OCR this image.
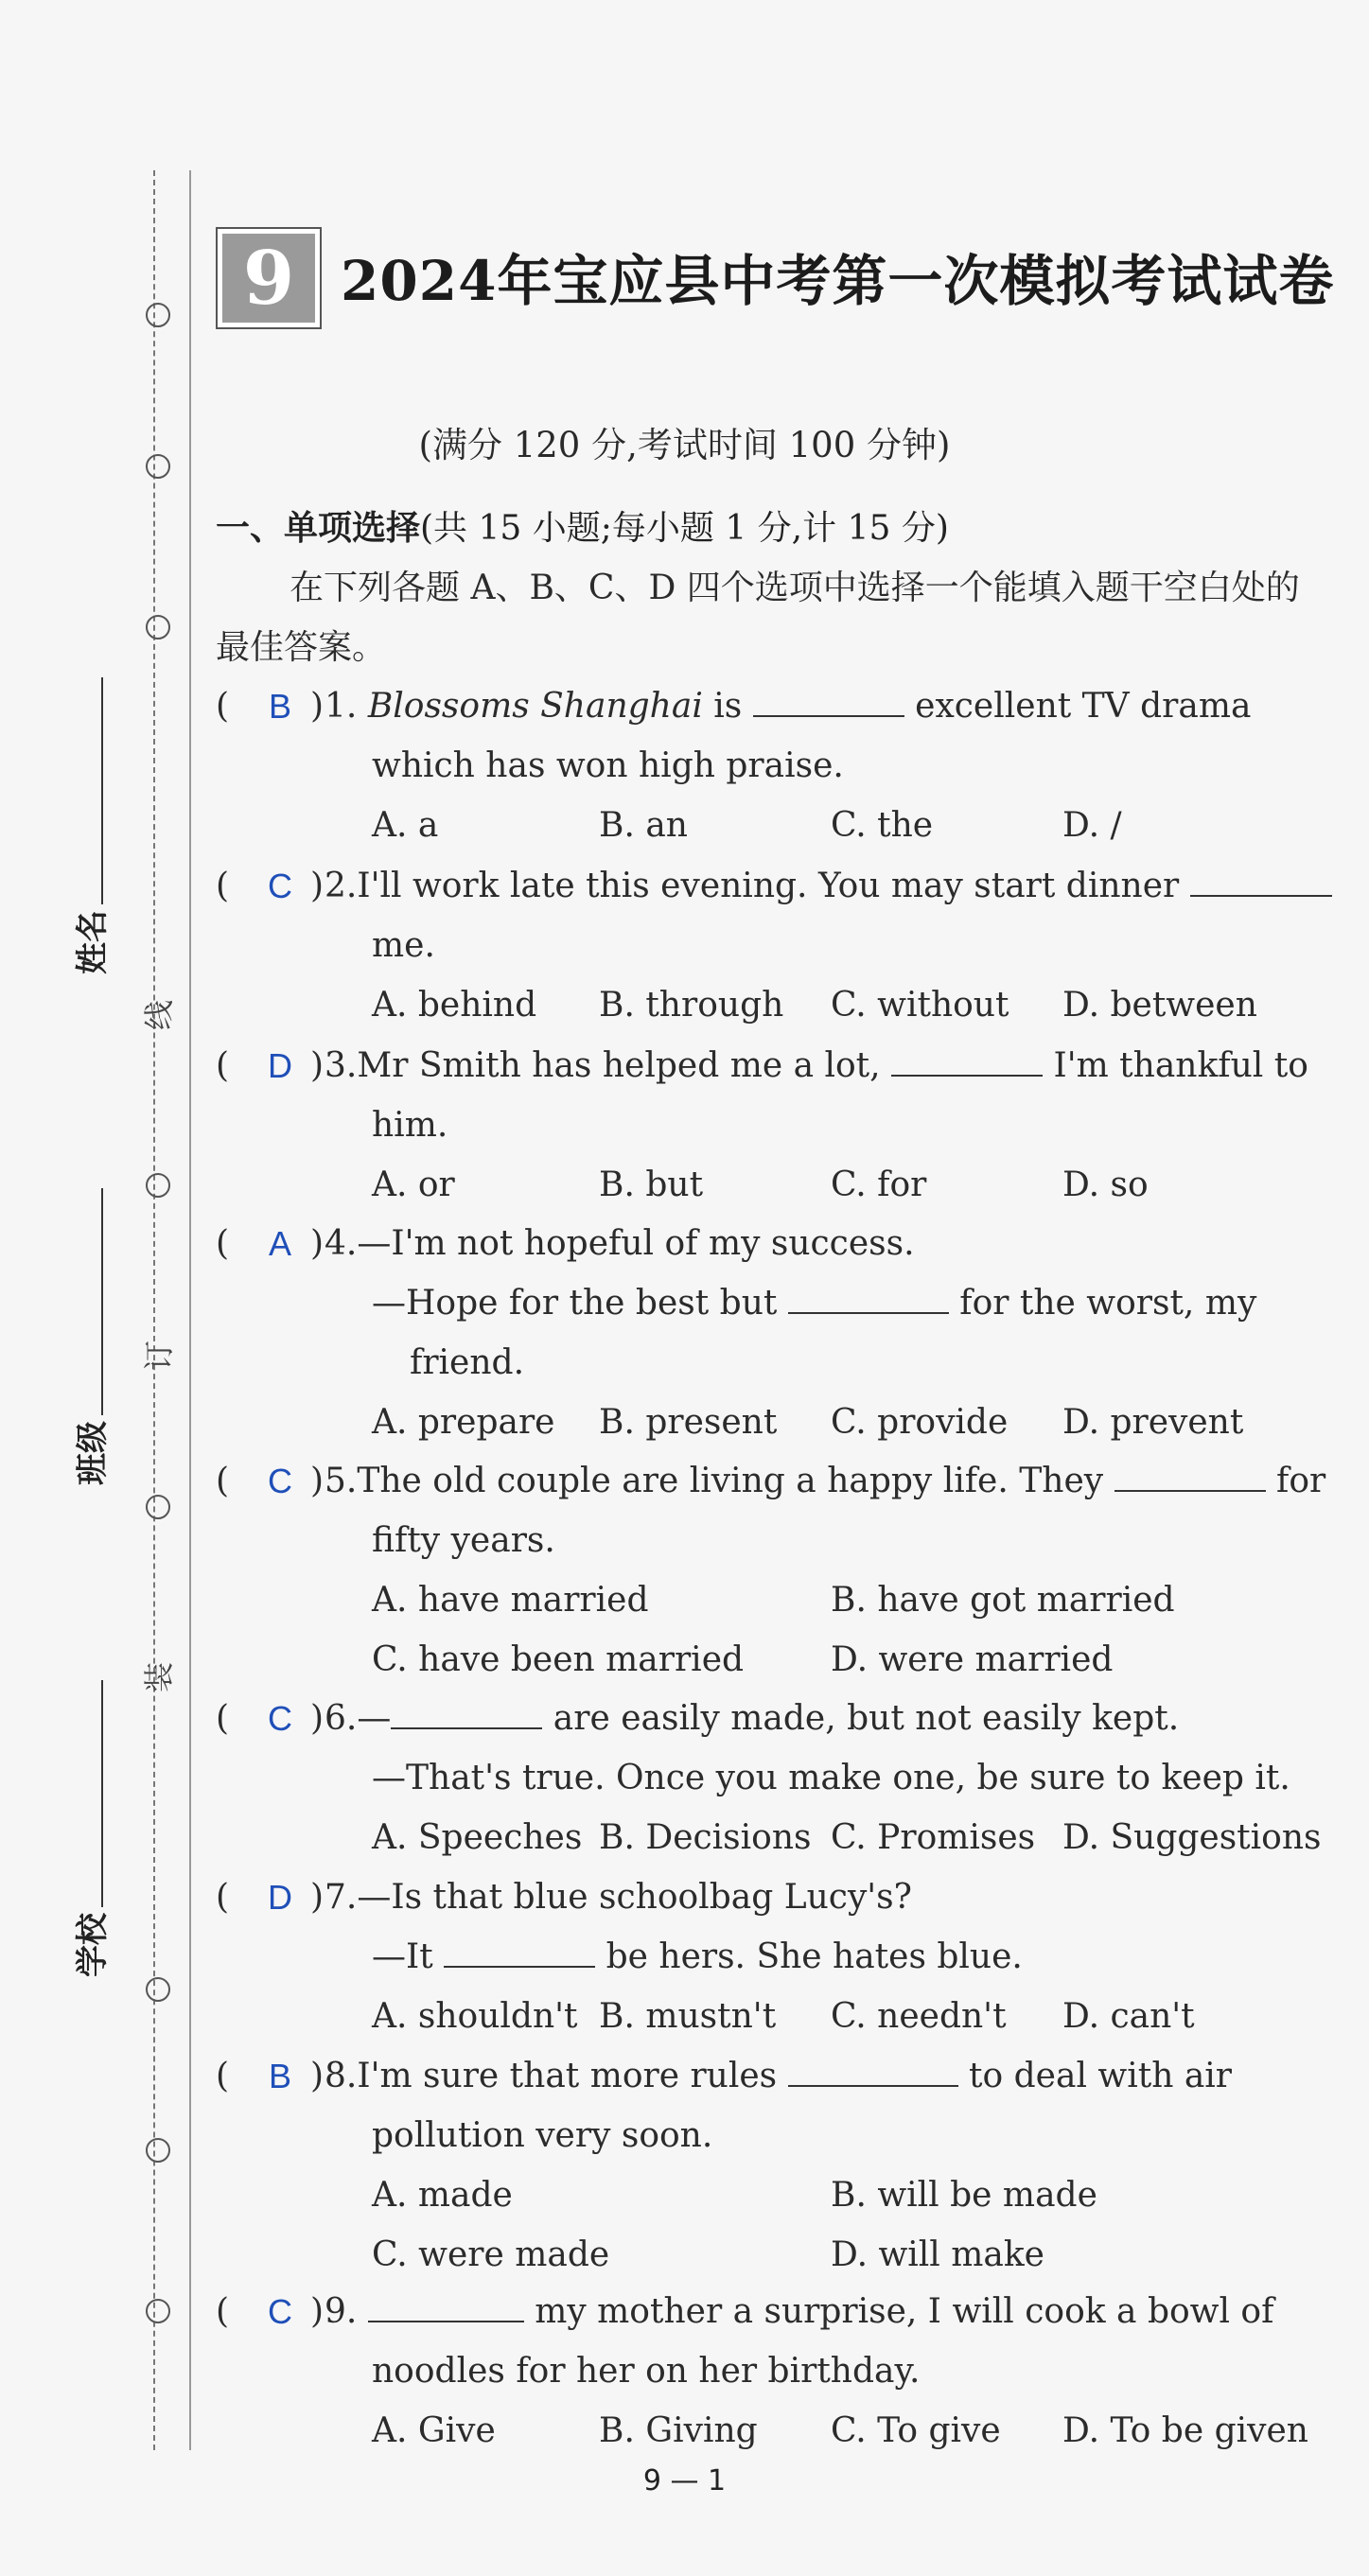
线
订
装
姓名
班级
学校
9 2024年宝应县中考第一次模拟考试试卷
(满分 120 分,考试时间 100 分钟)
一、单项选择(共 15 小题;每小题 1 分,计 15 分)
在下列各题 A、B、C、D 四个选项中选择一个能填入题干空白处的最佳答案。
(	B ) 1. Blossoms Shanghai is	excellent TV drama
which has won high praise.
A. a	B. an	C. the	D. /
(	C ) 2.I'll work late this evening. You may start dinner
me.
A. behind B. through C. without D. between
(	D ) 3.Mr Smith has helped me a lot,	I'm thankful to
him.
A. or	B. but	C. for	D. so
(	A ) 4.—I'm not hopeful of my success.
—Hope for the best but	for the worst, my
friend.
A. prepare B. present C. provide D. prevent
(	C ) 5.The old couple are living a happy life. They	for
fifty years.
A. have married	B. have got married
C. have been married	D. were married
(	C ) 6.—	are easily made, but not easily kept.
—That's true. Once you make one, be sure to keep it.
A. Speeches B. Decisions C. Promises D. Suggestions
(	D ) 7.—Is that blue schoolbag Lucy's?
—It	be hers. She hates blue.
A. shouldn't B. mustn't C. needn't D. can't
(	B ) 8.I'm sure that more rules	to deal with air
pollution very soon.
A. made	B. will be made
C. were made	D. will make
(	C ) 9.	my mother a surprise, I will cook a bowl of
noodles for her on her birthday.
A. Give	B. Giving C. To give D. To be given
9 — 1
